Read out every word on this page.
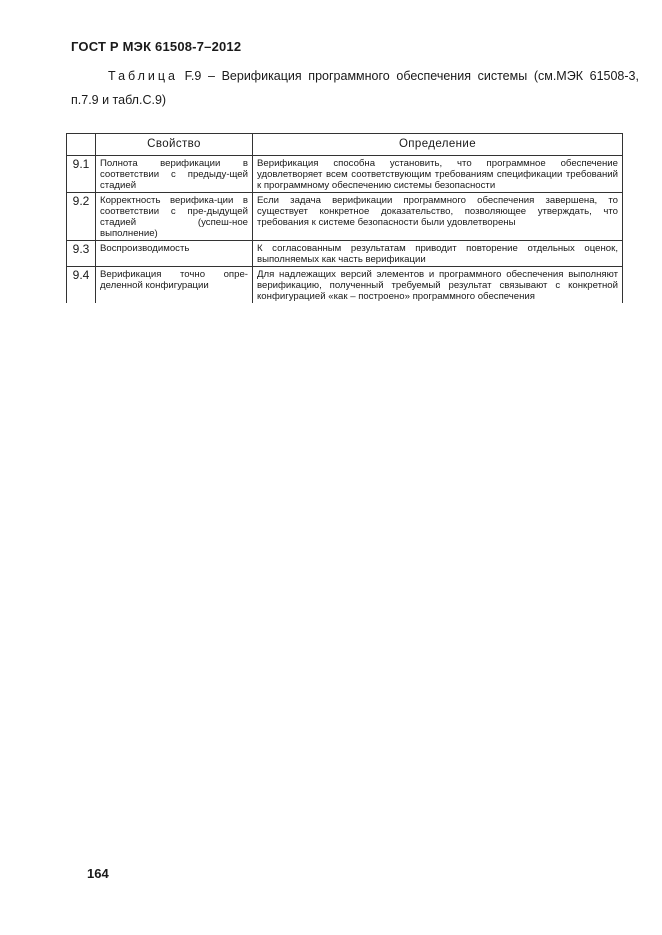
ГОСТ Р МЭК 61508-7–2012
Таблица F.9 – Верификация программного обеспечения системы (см.МЭК 61508-3, п.7.9 и табл.С.9)
	Свойство	Определение
9.1	Полнота верификации в соответствии с предыду-щей стадией	Верификация способна установить, что программное обеспечение удовлетворяет всем соответствующим требованиям спецификации требований к программному обеспечению системы безопасности
9.2	Корректность верифика-ции в соответствии с пре-дыдущей стадией (успеш-ное выполнение)	Если задача верификации программного обеспечения завершена, то существует конкретное доказательство, позволяющее утверждать, что требования к системе безопасности были удовлетворены
9.3	Воспроизводимость	К согласованным результатам приводит повторение отдельных оценок, выполняемых как часть верификации
9.4	Верификация точно опре-деленной конфигурации	Для надлежащих версий элементов и программного обеспечения выполняют верификацию, полученный требуемый результат связывают с конкретной конфигурацией «как – построено» программного обеспечения
164
